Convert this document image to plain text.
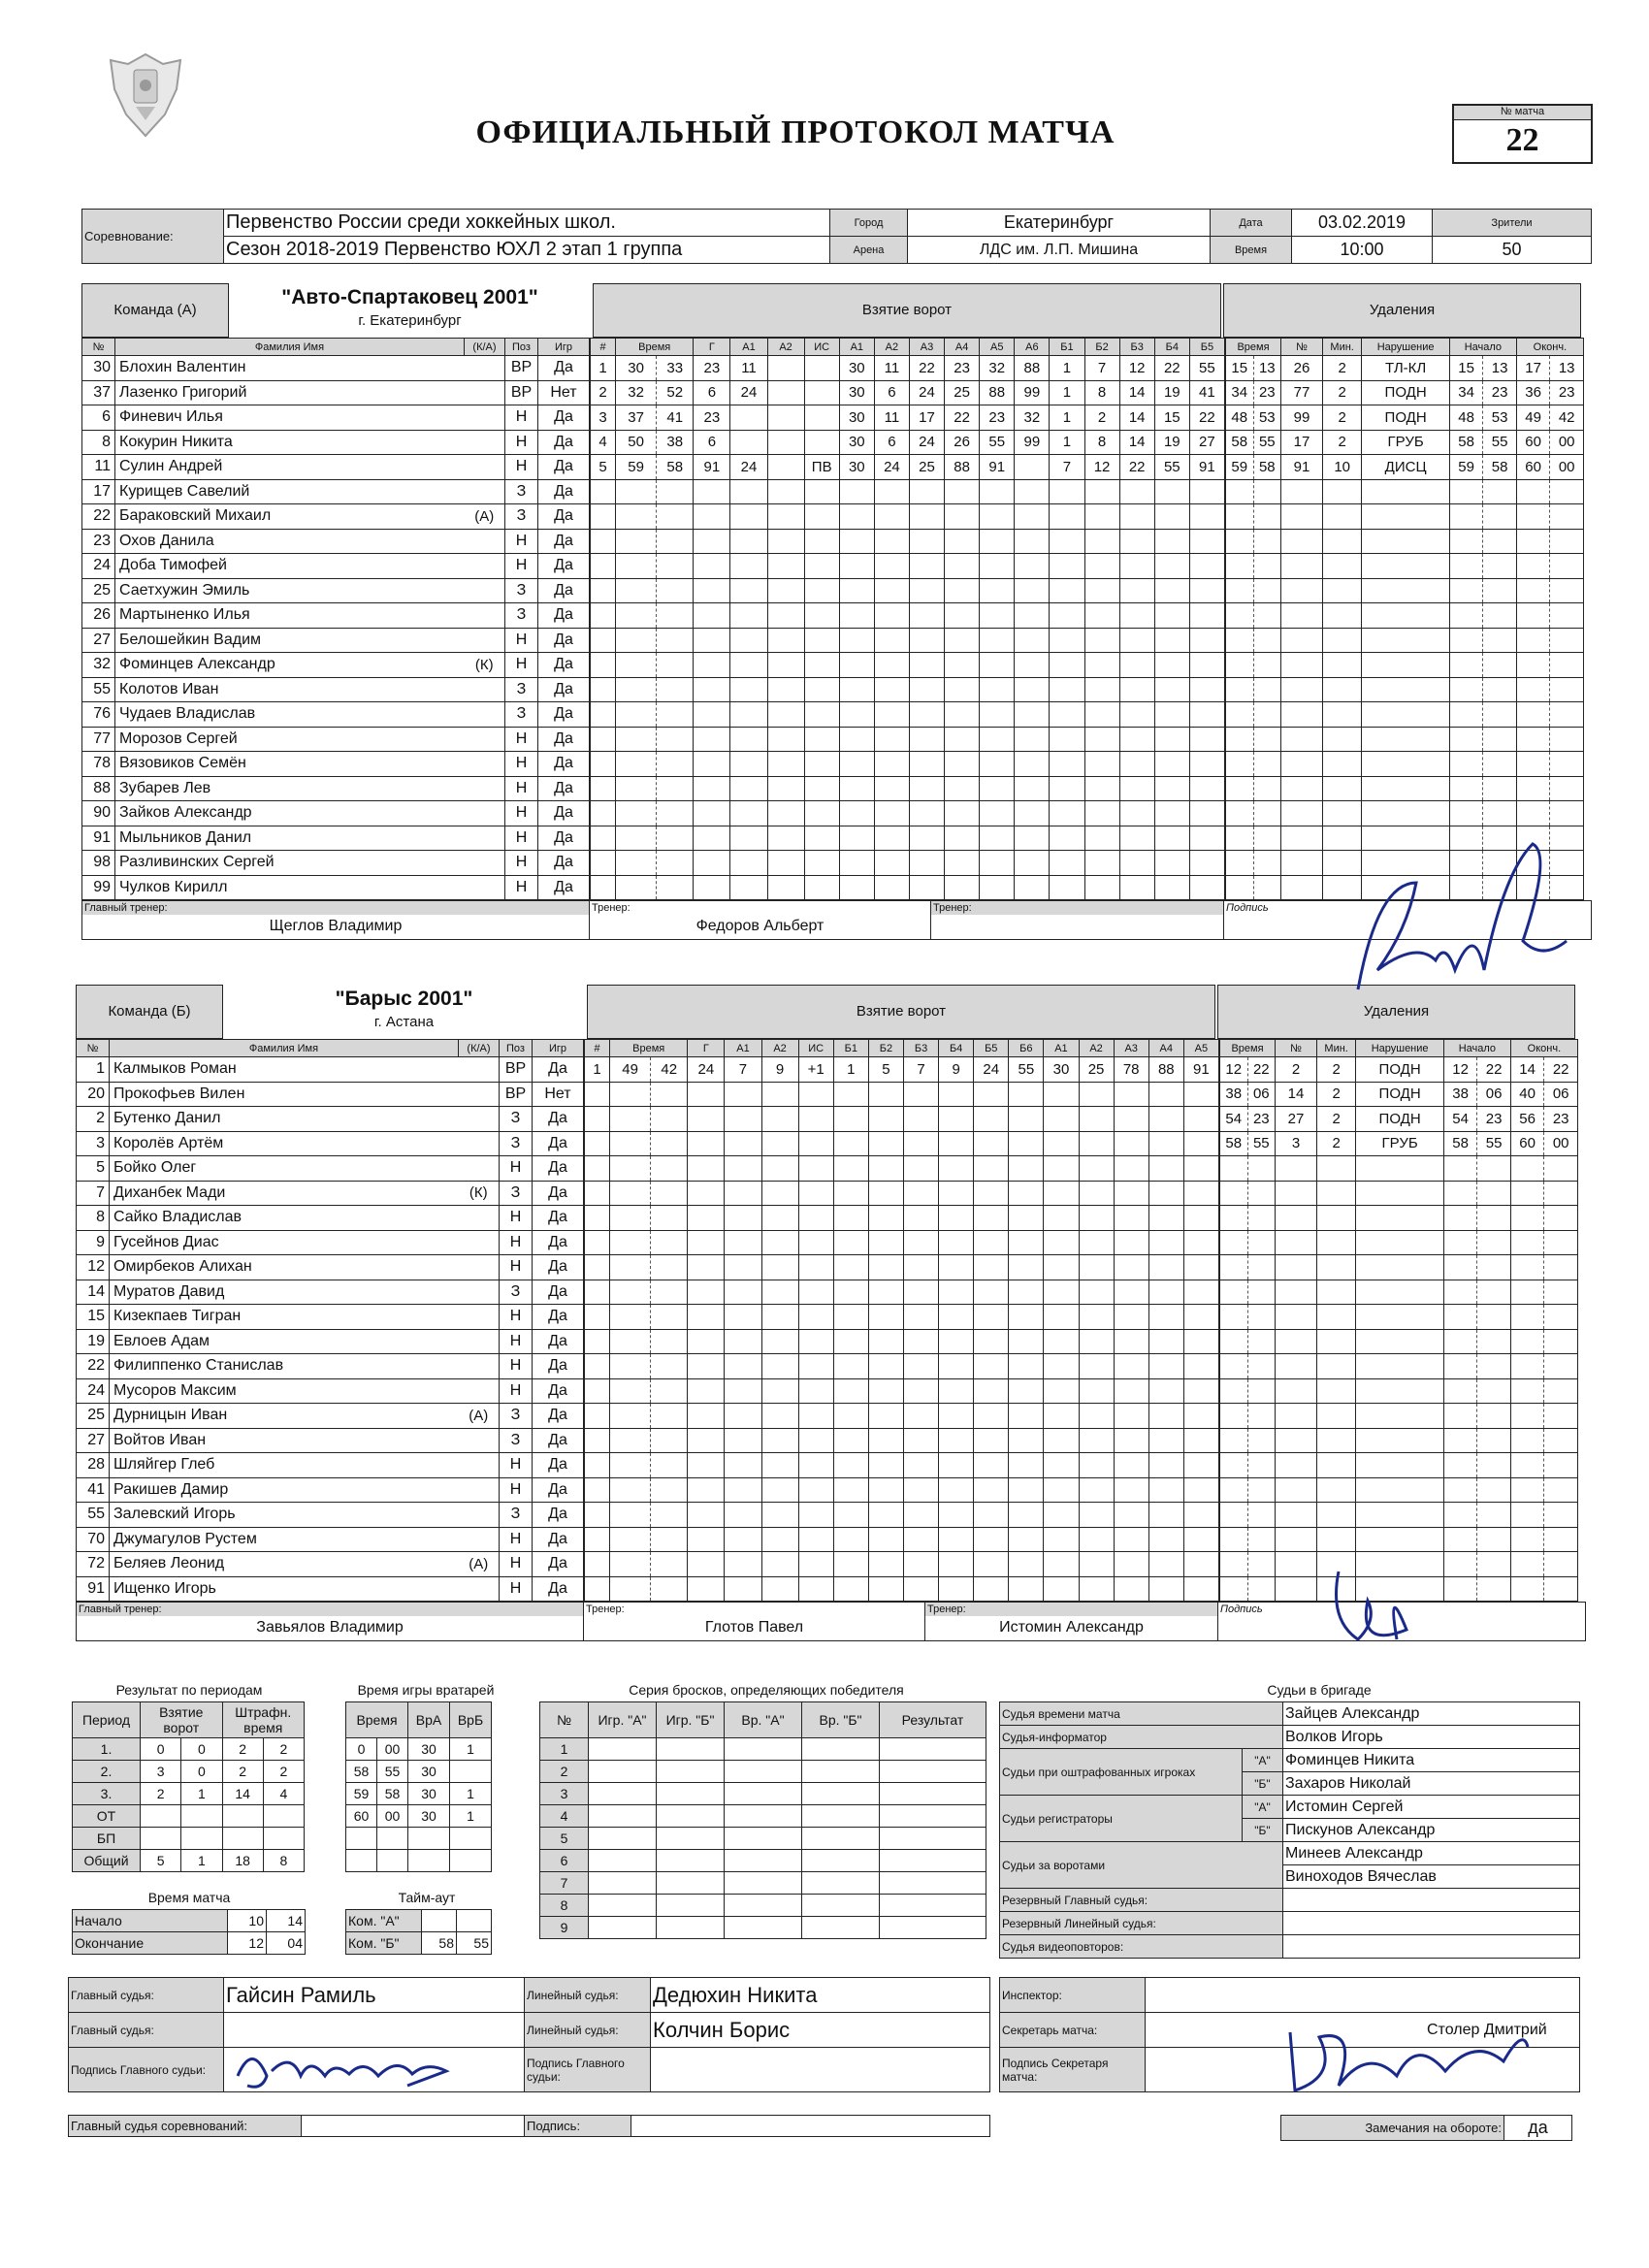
ОФИЦИАЛЬНЫЙ ПРОТОКОЛ МАТЧА
№ матча
22
Соревнование:	Первенство России среди хоккейных школ.	Город	Екатеринбург	Дата	03.02.2019	Зрители
	Сезон 2018-2019 Первенство ЮХЛ 2 этап 1 группа	Арена	ЛДС им. Л.П. Мишина	Время	10:00	50
Команда (А)
"Авто-Спартаковец 2001"
г. Екатеринбург
Взятие ворот	Удаления
№	Фамилия Имя	(К/А)	Поз	Игр
30	Блохин Валентин		ВР	Да
37	Лазенко Григорий		ВР	Нет
6	Финевич Илья		Н	Да
8	Кокурин Никита		Н	Да
11	Сулин Андрей		Н	Да
17	Курищев Савелий		З	Да
22	Бараковский Михаил	(А)	З	Да
23	Охов Данила		Н	Да
24	Доба Тимофей		Н	Да
25	Саетхужин Эмиль		З	Да
26	Мартыненко Илья		З	Да
27	Белошейкин Вадим		Н	Да
32	Фоминцев Александр	(К)	Н	Да
55	Колотов Иван		З	Да
76	Чудаев Владислав		З	Да
77	Морозов Сергей		Н	Да
78	Вязовиков Семён		Н	Да
88	Зубарев Лев		Н	Да
90	Зайков Александр		Н	Да
91	Мыльников Данил		Н	Да
98	Разливинских Сергей		Н	Да
99	Чулков Кирилл		Н	Да
#	Время		Г	А1	А2	ИС	А1	А2	А3	А4	А5	А6	Б1	Б2	Б3	Б4	Б5	
1	30	33	23	11			30	11	22	23	32	88	1	7	12	22	55	
2	32	52	6	24			30	6	24	25	88	99	1	8	14	19	41	
3	37	41	23				30	11	17	22	23	32	1	2	14	15	22	
4	50	38	6				30	6	24	26	55	99	1	8	14	19	27	
5	59	58	91	24		ПВ	30	24	25	88	91		7	12	22	55	91	

Время		№	Мин.	Нарушение	Начало		Оконч.	
15	13	26	2	ТЛ-КЛ	15	13	17	13
34	23	77	2	ПОДН	34	23	36	23
48	53	99	2	ПОДН	48	53	49	42
58	55	17	2	ГРУБ	58	55	60	00
59	58	91	10	ДИСЦ	59	58	60	00

Главный тренер:	Тренер:	Тренер:	Подпись
Щеглов Владимир	Федоров Альберт		
Команда (Б)
"Барыс 2001"
г. Астана
Взятие ворот	Удаления
№	Фамилия Имя	(К/А)	Поз	Игр
1	Калмыков Роман		ВР	Да
20	Прокофьев Вилен		ВР	Нет
2	Бутенко Данил		З	Да
3	Королёв Артём		З	Да
5	Бойко Олег		Н	Да
7	Диханбек Мади	(К)	З	Да
8	Сайко Владислав		Н	Да
9	Гусейнов Диас		Н	Да
12	Омирбеков Алихан		Н	Да
14	Муратов Давид		З	Да
15	Кизекпаев Тигран		Н	Да
19	Евлоев Адам		Н	Да
22	Филиппенко Станислав		Н	Да
24	Мусоров Максим		Н	Да
25	Дурницын Иван	(А)	З	Да
27	Войтов Иван		З	Да
28	Шляйгер Глеб		Н	Да
41	Ракишев Дамир		Н	Да
55	Залевский Игорь		З	Да
70	Джумагулов Рустем		Н	Да
72	Беляев Леонид	(А)	Н	Да
91	Ищенко Игорь		Н	Да
#	Время		Г	А1	А2	ИС	Б1	Б2	Б3	Б4	Б5	Б6	А1	А2	А3	А4	А5	
1	49	42	24	7	9	+1	1	5	7	9	24	55	30	25	78	88	91	

Время		№	Мин.	Нарушение	Начало		Оконч.	
12	22	2	2	ПОДН	12	22	14	22
38	06	14	2	ПОДН	38	06	40	06
54	23	27	2	ПОДН	54	23	56	23
58	55	3	2	ГРУБ	58	55	60	00

Главный тренер:	Тренер:	Тренер:	Подпись
Завьялов Владимир	Глотов Павел	Истомин Александр	
Результат по периодам
Период	Взятие ворот		Штрафн. время	
1.	0	0	2	2
2.	3	0	2	2
3.	2	1	14	4
ОТ				
БП				
Общий	5	1	18	8
Время игры вратарей
Время		ВрА	ВрБ
0	00	30	1
58	55	30	
59	58	30	1
60	00	30	1

Время матча
Начало	10	14
Окончание	12	04
Тайм-аут
Ком. "А"		
Ком. "Б"	58	55
Серия бросков, определяющих победителя
№	Игр. "А"	Игр. "Б"	Вр. "А"	Вр. "Б"	Результат
1					
2					
3					
4					
5					
6					
7					
8					
9					
Судьи в бригаде
Судья времени матча		Зайцев Александр
Судья-информатор		Волков Игорь
Судьи при оштрафованных игроках	"А"	Фоминцев Никита
	"Б"	Захаров Николай
Судьи регистраторы	"А"	Истомин Сергей
	"Б"	Пискунов Александр
Судьи за воротами		Минеев Александр
		Виноходов Вячеслав
Резервный Главный судья:		
Резервный Линейный судья:		
Судья видеоповторов:		
Главный судья:	Гайсин Рамиль	Линейный судья:	Дедюхин Никита
Главный судья:		Линейный судья:	Колчин Борис
Подпись Главного судьи:		Подпись Главного судьи:	
Инспектор:	
Секретарь матча:	Столер Дмитрий
Подпись Секретаря матча:	
Главный судья соревнований:		Подпись:		Замечания на обороте:	да
